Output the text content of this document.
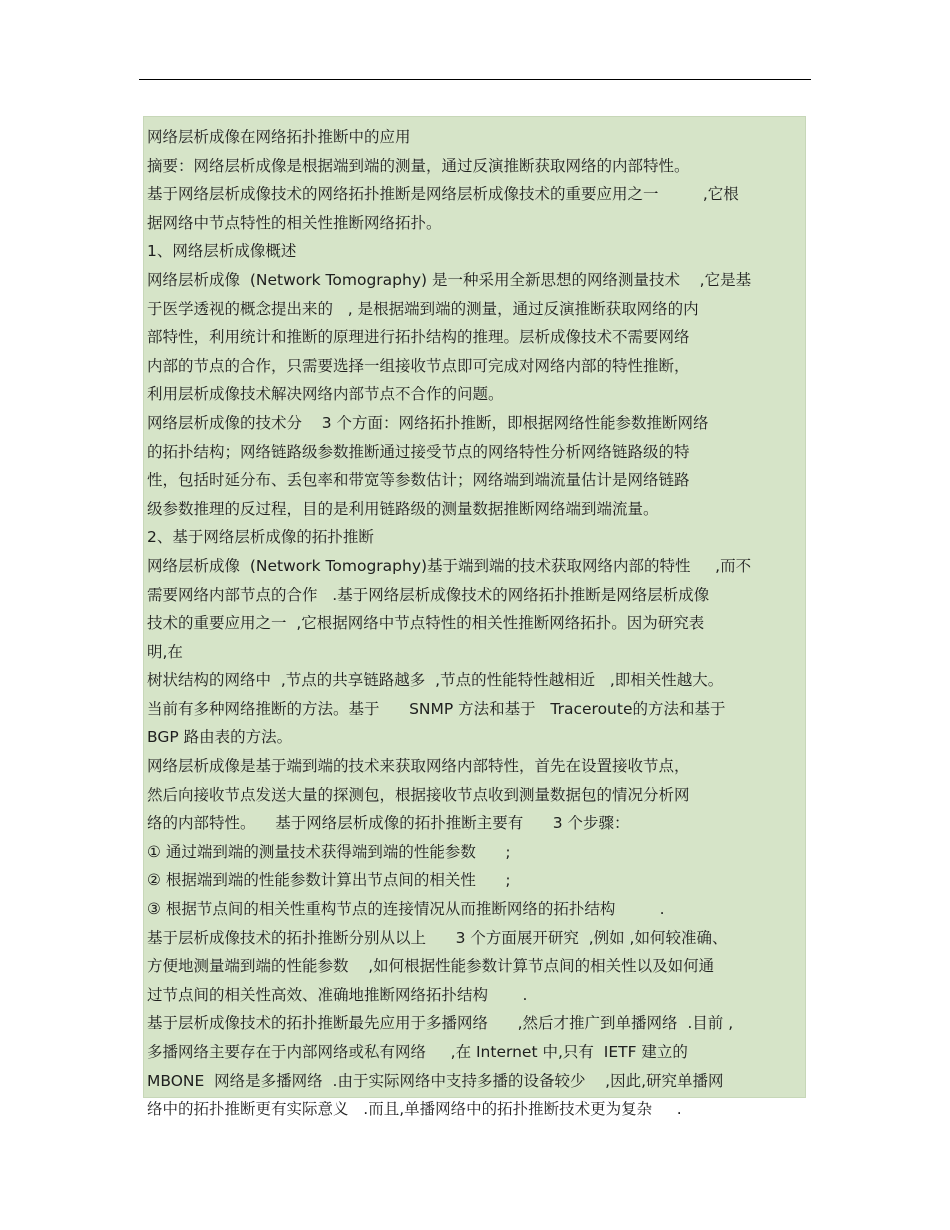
网络层析成像在网络拓扑推断中的应用
摘要：网络层析成像是根据端到端的测量，通过反演推断获取网络的内部特性。
基于网络层析成像技术的网络拓扑推断是网络层析成像技术的重要应用之一         ,它根
据网络中节点特性的相关性推断网络拓扑。
1、网络层析成像概述
网络层析成像  (Network Tomography) 是一种采用全新思想的网络测量技术    ,它是基
于医学透视的概念提出来的   , 是根据端到端的测量，通过反演推断获取网络的内
部特性，利用统计和推断的原理进行拓扑结构的推理。层析成像技术不需要网络
内部的节点的合作，只需要选择一组接收节点即可完成对网络内部的特性推断，
利用层析成像技术解决网络内部节点不合作的问题。
网络层析成像的技术分    3 个方面：网络拓扑推断，即根据网络性能参数推断网络
的拓扑结构；网络链路级参数推断通过接受节点的网络特性分析网络链路级的特
性，包括时延分布、丢包率和带宽等参数估计；网络端到端流量估计是网络链路
级参数推理的反过程，目的是利用链路级的测量数据推断网络端到端流量。
2、基于网络层析成像的拓扑推断
网络层析成像  (Network Tomography)基于端到端的技术获取网络内部的特性     ,而不
需要网络内部节点的合作   .基于网络层析成像技术的网络拓扑推断是网络层析成像
技术的重要应用之一  ,它根据网络中节点特性的相关性推断网络拓扑。因为研究表
明,在
树状结构的网络中  ,节点的共享链路越多  ,节点的性能特性越相近   ,即相关性越大。
当前有多种网络推断的方法。基于      SNMP 方法和基于   Traceroute的方法和基于
BGP 路由表的方法。
网络层析成像是基于端到端的技术来获取网络内部特性，首先在设置接收节点，
然后向接收节点发送大量的探测包，根据接收节点收到测量数据包的情况分析网
络的内部特性。    基于网络层析成像的拓扑推断主要有      3 个步骤：
① 通过端到端的测量技术获得端到端的性能参数      ;
② 根据端到端的性能参数计算出节点间的相关性      ;
③ 根据节点间的相关性重构节点的连接情况从而推断网络的拓扑结构         .
基于层析成像技术的拓扑推断分别从以上      3 个方面展开研究  ,例如 ,如何较准确、
方便地测量端到端的性能参数    ,如何根据性能参数计算节点间的相关性以及如何通
过节点间的相关性高效、准确地推断网络拓扑结构       .
基于层析成像技术的拓扑推断最先应用于多播网络      ,然后才推广到单播网络  .目前 ,
多播网络主要存在于内部网络或私有网络     ,在 Internet 中,只有  IETF 建立的
MBONE  网络是多播网络  .由于实际网络中支持多播的设备较少    ,因此,研究单播网
络中的拓扑推断更有实际意义   .而且,单播网络中的拓扑推断技术更为复杂     .
